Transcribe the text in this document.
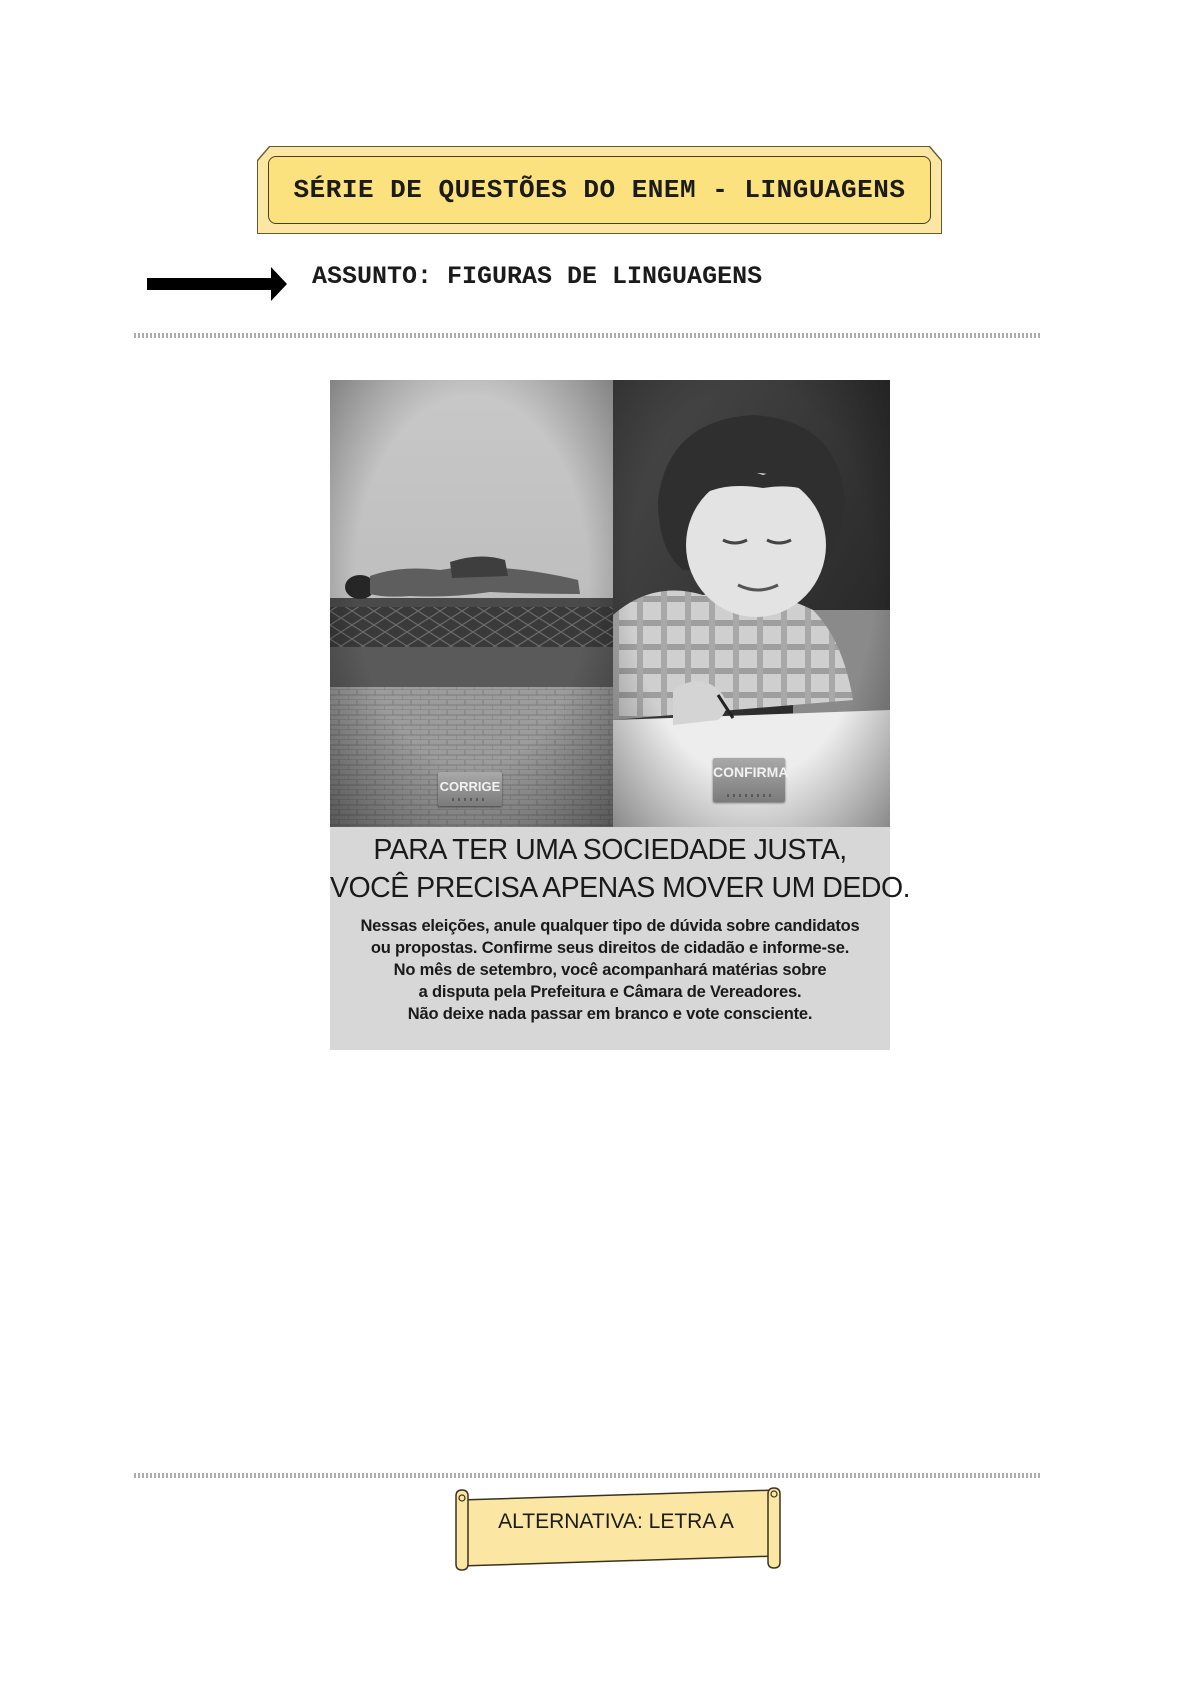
SÉRIE DE QUESTÕES DO ENEM - LINGUAGENS
ASSUNTO: FIGURAS DE LINGUAGENS
CORRIGE
CONFIRMA
PARA TER UMA SOCIEDADE JUSTA,
VOCÊ PRECISA APENAS MOVER UM DEDO.
Nessas eleições, anule qualquer tipo de dúvida sobre candidatos
ou propostas. Confirme seus direitos de cidadão e informe-se.
No mês de setembro, você acompanhará matérias sobre
a disputa pela Prefeitura e Câmara de Vereadores.
Não deixe nada passar em branco e vote consciente.
ALTERNATIVA: LETRA A
